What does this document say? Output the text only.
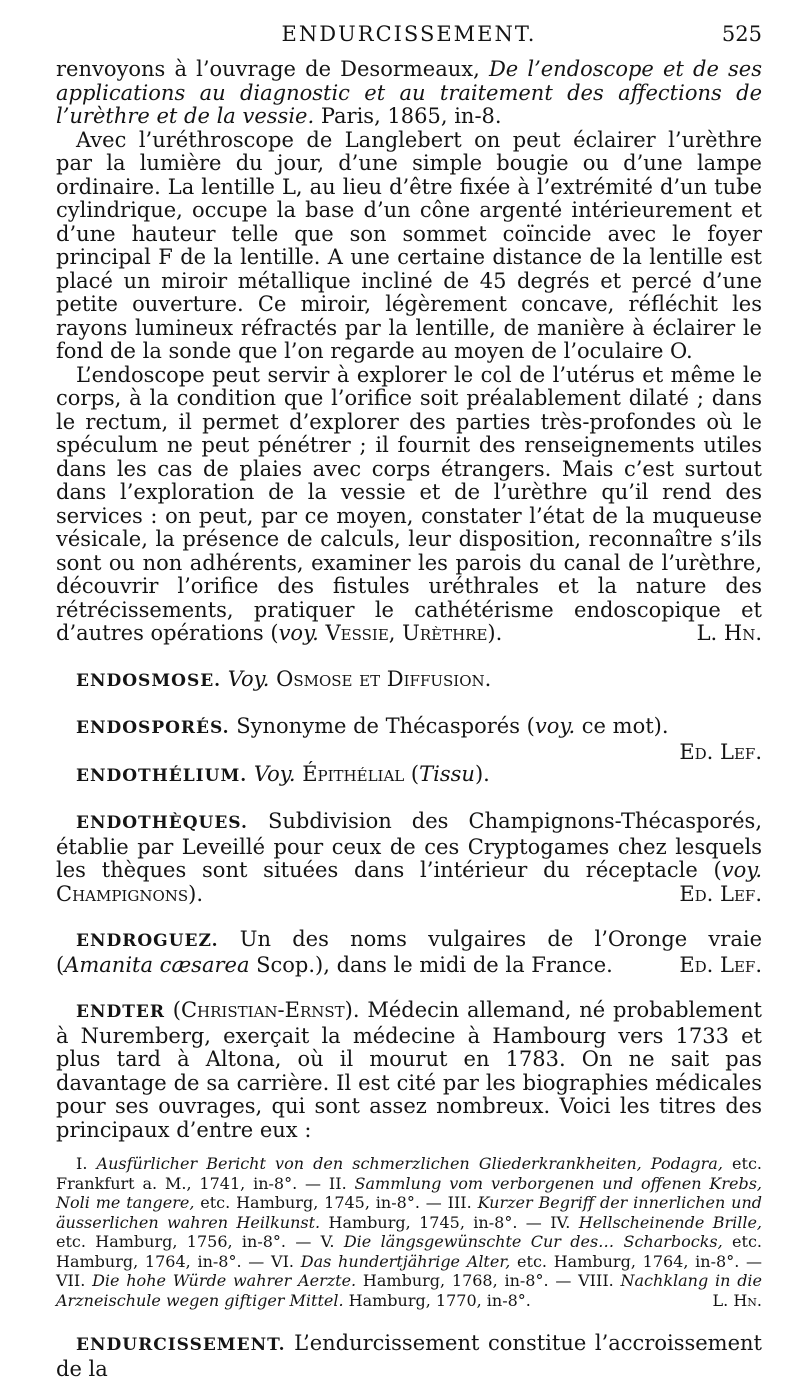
ENDURCISSEMENT.	525

renvoyons à l’ouvrage de Desormeaux, De l’endoscope et de ses applications au diagnostic et au traitement des affections de l’urèthre et de la vessie. Paris, 1865, in-8.

Avec l’uréthroscope de Langlebert on peut éclairer l’urèthre par la lumière du jour, d’une simple bougie ou d’une lampe ordinaire. La lentille L, au lieu d’être fixée à l’extrémité d’un tube cylindrique, occupe la base d’un cône argenté intérieurement et d’une hauteur telle que son sommet coïncide avec le foyer principal F de la lentille. A une certaine distance de la lentille est placé un miroir métallique incliné de 45 degrés et percé d’une petite ouverture. Ce miroir, légèrement concave, réfléchit les rayons lumineux réfractés par la lentille, de manière à éclairer le fond de la sonde que l’on regarde au moyen de l’oculaire O.

L’endoscope peut servir à explorer le col de l’utérus et même le corps, à la condition que l’orifice soit préalablement dilaté ; dans le rectum, il permet d’explorer des parties très-profondes où le spéculum ne peut pénétrer ; il fournit des renseignements utiles dans les cas de plaies avec corps étrangers. Mais c’est surtout dans l’exploration de la vessie et de l’urèthre qu’il rend des services : on peut, par ce moyen, constater l’état de la muqueuse vésicale, la présence de calculs, leur disposition, reconnaître s’ils sont ou non adhérents, examiner les parois du canal de l’urèthre, découvrir l’orifice des fistules uréthrales et la nature des rétrécissements, pratiquer le cathétérisme endoscopique et d’autres opérations (voy. Vessie, Urèthre).	L. Hn.

ENDOSMOSE. Voy. Osmose et Diffusion.

ENDOSPORÉS. Synonyme de Thécasporés (voy. ce mot).
Ed. Lef.

ENDOTHÉLIUM. Voy. Épithélial (Tissu).

ENDOTHÈQUES. Subdivision des Champignons-Thécasporés, établie par Leveillé pour ceux de ces Cryptogames chez lesquels les thèques sont situées dans l’intérieur du réceptacle (voy. Champignons).	Ed. Lef.

ENDROGUEZ. Un des noms vulgaires de l’Oronge vraie (Amanita cæsarea Scop.), dans le midi de la France.	Ed. Lef.

ENDTER (Christian-Ernst). Médecin allemand, né probablement à Nuremberg, exerçait la médecine à Hambourg vers 1733 et plus tard à Altona, où il mourut en 1783. On ne sait pas davantage de sa carrière. Il est cité par les biographies médicales pour ses ouvrages, qui sont assez nombreux. Voici les titres des principaux d’entre eux :

I. Ausfürlicher Bericht von den schmerzlichen Gliederkrankheiten, Podagra, etc. Frankfurt a. M., 1741, in-8°. — II. Sammlung vom verborgenen und offenen Krebs, Noli me tangere, etc. Hamburg, 1745, in-8°. — III. Kurzer Begriff der innerlichen und äusserlichen wahren Heilkunst. Hamburg, 1745, in-8°. — IV. Hellscheinende Brille, etc. Hamburg, 1756, in-8°. — V. Die längsgewünschte Cur des… Scharbocks, etc. Hamburg, 1764, in-8°. — VI. Das hundertjährige Alter, etc. Hamburg, 1764, in-8°. — VII. Die hohe Würde wahrer Aerzte. Hamburg, 1768, in-8°. — VIII. Nachklang in die Arzneischule wegen giftiger Mittel. Hamburg, 1770, in-8°.	L. Hn.

ENDURCISSEMENT. L’endurcissement constitue l’accroissement de la
